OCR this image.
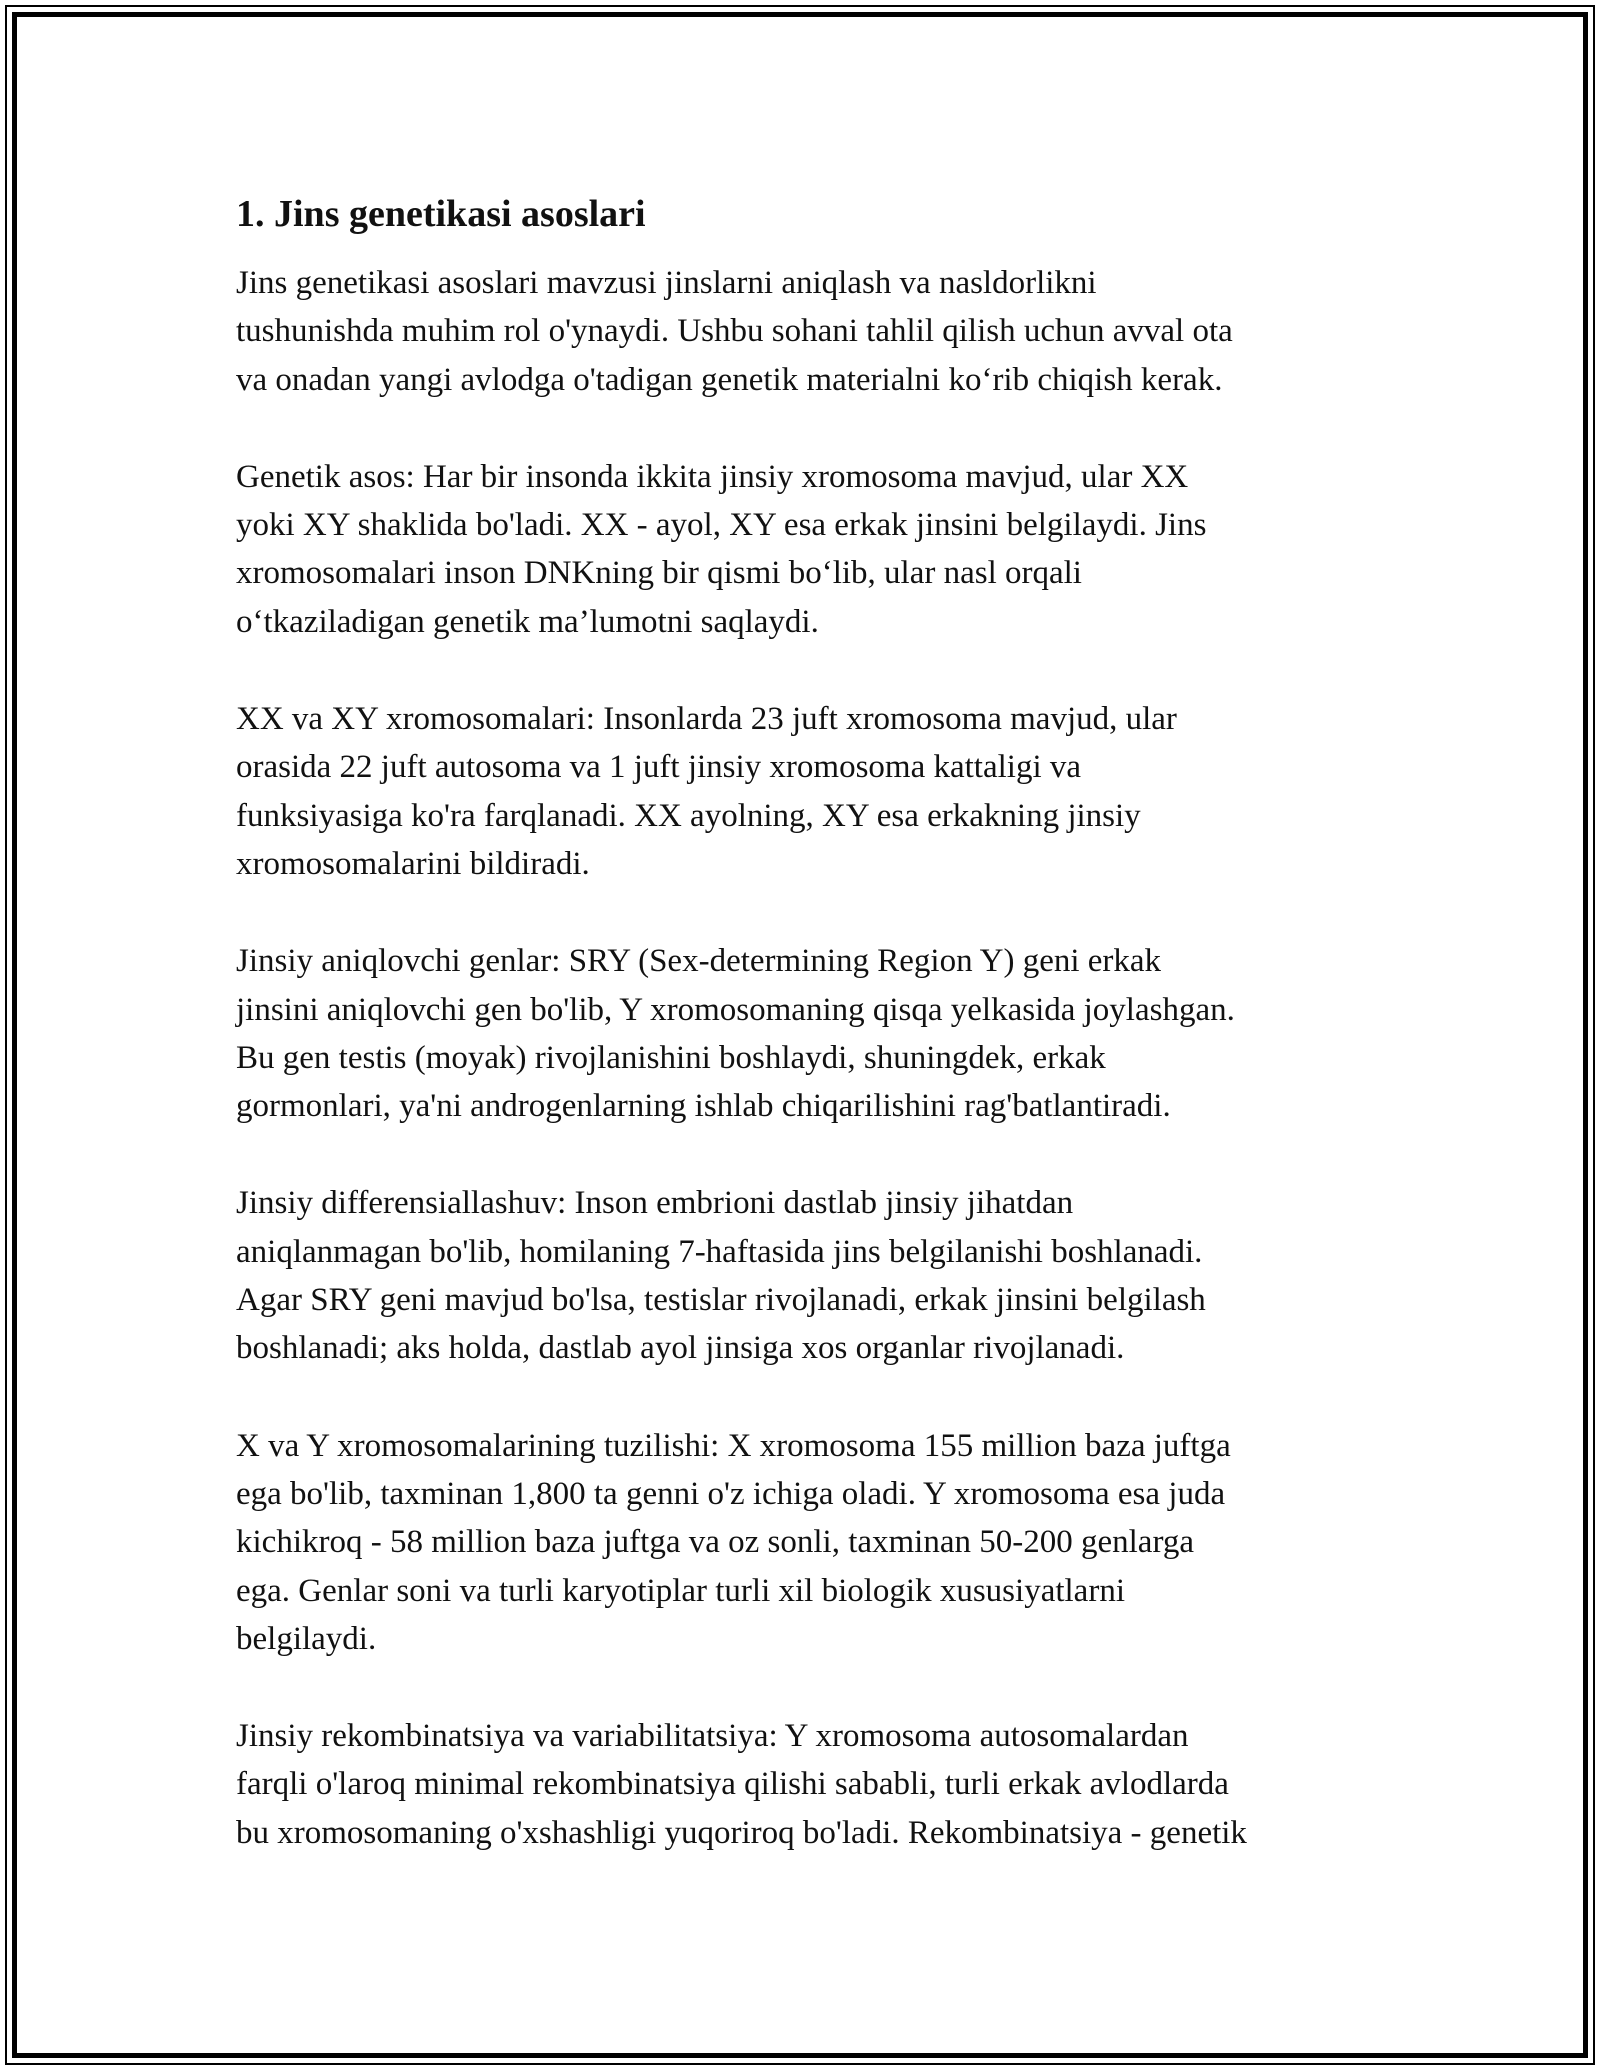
1. Jins genetikasi asoslari

Jins genetikasi asoslari mavzusi jinslarni aniqlash va nasldorlikni
tushunishda muhim rol o'ynaydi. Ushbu sohani tahlil qilish uchun avval ota
va onadan yangi avlodga o'tadigan genetik materialni ko‘rib chiqish kerak.

Genetik asos: Har bir insonda ikkita jinsiy xromosoma mavjud, ular XX
yoki XY shaklida bo'ladi. XX - ayol, XY esa erkak jinsini belgilaydi. Jins
xromosomalari inson DNKning bir qismi bo‘lib, ular nasl orqali
o‘tkaziladigan genetik ma’lumotni saqlaydi.

XX va XY xromosomalari: Insonlarda 23 juft xromosoma mavjud, ular
orasida 22 juft autosoma va 1 juft jinsiy xromosoma kattaligi va
funksiyasiga ko'ra farqlanadi. XX ayolning, XY esa erkakning jinsiy
xromosomalarini bildiradi.

Jinsiy aniqlovchi genlar: SRY (Sex-determining Region Y) geni erkak
jinsini aniqlovchi gen bo'lib, Y xromosomaning qisqa yelkasida joylashgan.
Bu gen testis (moyak) rivojlanishini boshlaydi, shuningdek, erkak
gormonlari, ya'ni androgenlarning ishlab chiqarilishini rag'batlantiradi.

Jinsiy differensiallashuv: Inson embrioni dastlab jinsiy jihatdan
aniqlanmagan bo'lib, homilaning 7-haftasida jins belgilanishi boshlanadi.
Agar SRY geni mavjud bo'lsa, testislar rivojlanadi, erkak jinsini belgilash
boshlanadi; aks holda, dastlab ayol jinsiga xos organlar rivojlanadi.

X va Y xromosomalarining tuzilishi: X xromosoma 155 million baza juftga
ega bo'lib, taxminan 1,800 ta genni o'z ichiga oladi. Y xromosoma esa juda
kichikroq - 58 million baza juftga va oz sonli, taxminan 50-200 genlarga
ega. Genlar soni va turli karyotiplar turli xil biologik xususiyatlarni
belgilaydi.

Jinsiy rekombinatsiya va variabilitatsiya: Y xromosoma autosomalardan
farqli o'laroq minimal rekombinatsiya qilishi sababli, turli erkak avlodlarda
bu xromosomaning o'xshashligi yuqoriroq bo'ladi. Rekombinatsiya - genetik
